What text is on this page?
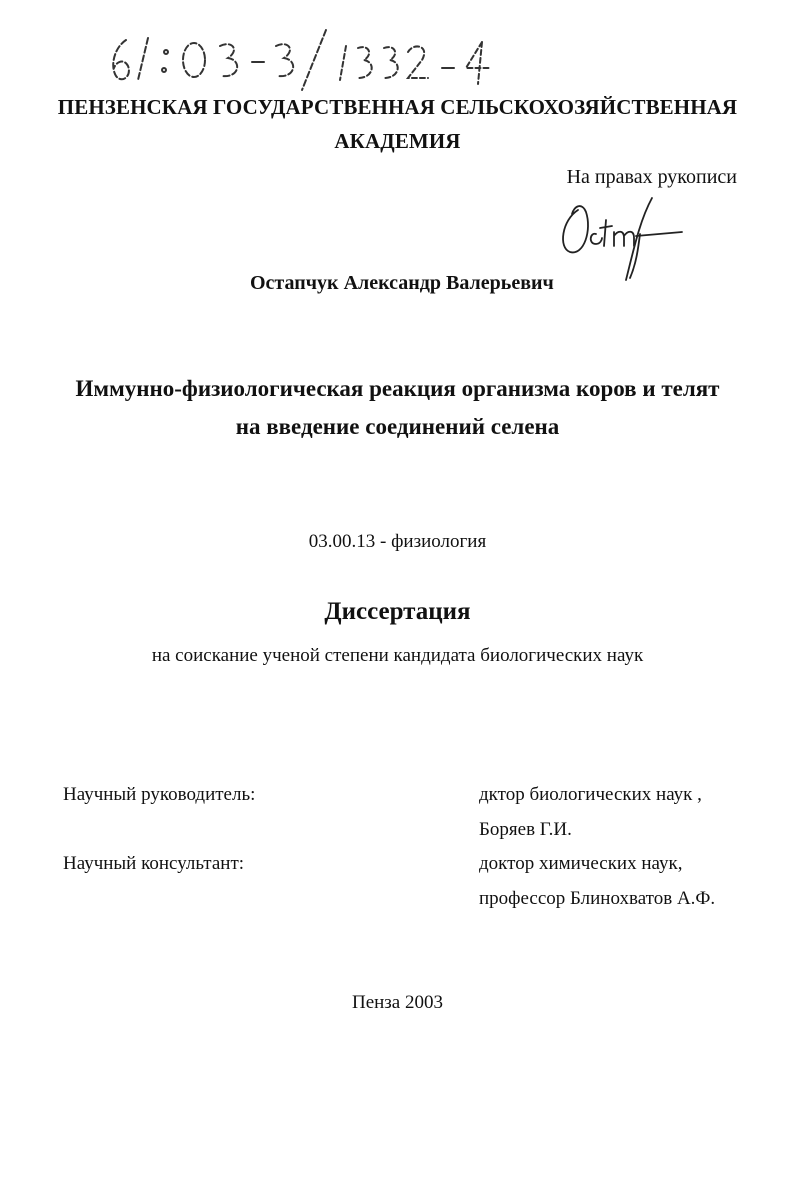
ПЕНЗЕНСКАЯ ГОСУДАРСТВЕННАЯ СЕЛЬСКОХОЗЯЙСТВЕННАЯ
АКАДЕМИЯ
На правах рукописи
Остапчук Александр Валерьевич
Иммунно-физиологическая реакция организма коров и телят
на введение соединений селена
03.00.13 - физиология
Диссертация
на соискание ученой степени кандидата биологических наук
Научный руководитель:	дктор биологических наук ,
Боряев Г.И.
Научный консультант:	доктор химических наук,
профессор Блинохватов А.Ф.
Пенза 2003
